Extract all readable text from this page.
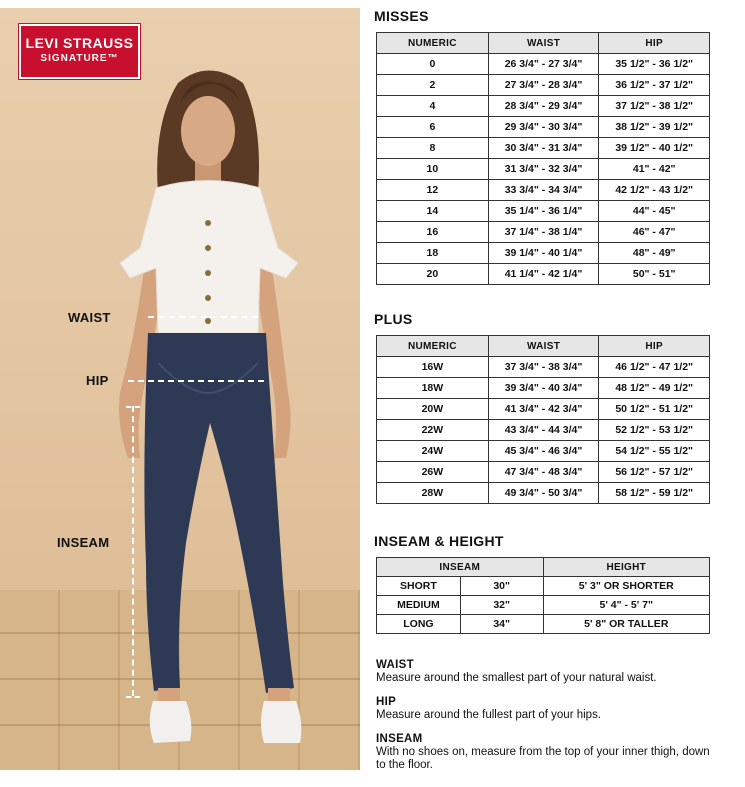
LEVI STRAUSS
SIGNATURE™
WAIST
HIP
INSEAM
MISSES
NUMERIC	WAIST	HIP
0	26 3/4" - 27 3/4"	35 1/2" - 36 1/2"
2	27 3/4" - 28 3/4"	36 1/2" - 37 1/2"
4	28 3/4" - 29 3/4"	37 1/2" - 38 1/2"
6	29 3/4" - 30 3/4"	38 1/2" - 39 1/2"
8	30 3/4" - 31 3/4"	39 1/2" - 40 1/2"
10	31 3/4" - 32 3/4"	41" - 42"
12	33 3/4" - 34 3/4"	42 1/2" - 43 1/2"
14	35 1/4" - 36 1/4"	44" - 45"
16	37 1/4" - 38 1/4"	46" - 47"
18	39 1/4" - 40 1/4"	48" - 49"
20	41 1/4" - 42 1/4"	50" - 51"
PLUS
NUMERIC	WAIST	HIP
16W	37 3/4" - 38 3/4"	46 1/2" - 47 1/2"
18W	39 3/4" - 40 3/4"	48 1/2" - 49 1/2"
20W	41 3/4" - 42 3/4"	50 1/2" - 51 1/2"
22W	43 3/4" - 44 3/4"	52 1/2" - 53 1/2"
24W	45 3/4" - 46 3/4"	54 1/2" - 55 1/2"
26W	47 3/4" - 48 3/4"	56 1/2" - 57 1/2"
28W	49 3/4" - 50 3/4"	58 1/2" - 59 1/2"
INSEAM & HEIGHT
INSEAM		HEIGHT
SHORT	30"	5' 3" OR SHORTER
MEDIUM	32"	5' 4" - 5' 7"
LONG	34"	5' 8" OR TALLER
WAIST
Measure around the smallest part of your natural waist.
HIP
Measure around the fullest part of your hips.
INSEAM
With no shoes on, measure from the top of your inner thigh, down to the floor.
